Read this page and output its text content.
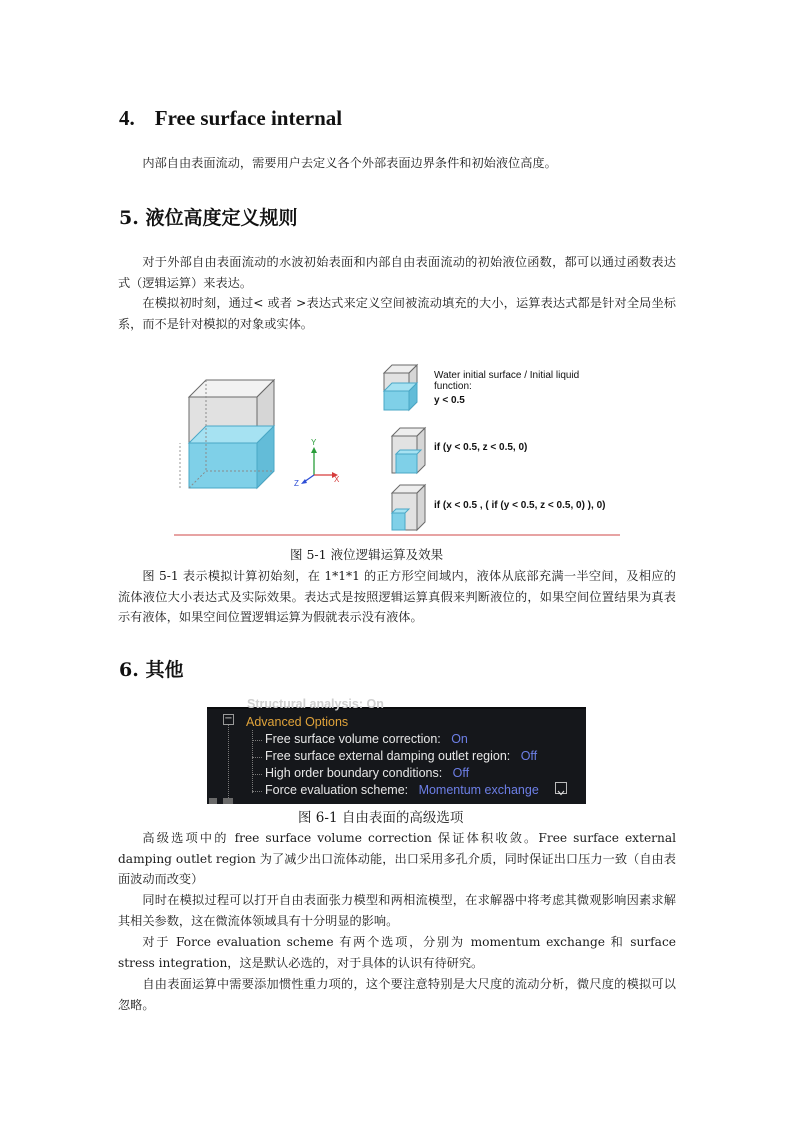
4. Free surface internal
内部自由表面流动，需要用户去定义各个外部表面边界条件和初始液位高度。
5. 液位高度定义规则
对于外部自由表面流动的水波初始表面和内部自由表面流动的初始液位函数，都可以通过函数表达式（逻辑运算）来表达。
在模拟初时刻，通过< 或者 >表达式来定义空间被流动填充的大小，运算表达式都是针对全局坐标系，而不是针对模拟的对象或实体。
Y
X
Z
Water initial surface / Initial liquid
function:
y < 0.5
if (y < 0.5, z < 0.5, 0)
if (x < 0.5 , ( if (y < 0.5, z < 0.5, 0) ), 0)
图 5-1 液位逻辑运算及效果
图 5-1 表示模拟计算初始刻，在 1*1*1 的正方形空间域内，液体从底部充满一半空间，及相应的流体液位大小表达式及实际效果。表达式是按照逻辑运算真假来判断液位的，如果空间位置结果为真表示有液体，如果空间位置逻辑运算为假就表示没有液体。
6. 其他
Structural analysis: On
− Advanced Options
Free surface volume correction: On
Free surface external damping outlet region: Off
High order boundary conditions: Off
Force evaluation scheme: Momentum exchange
图 6-1 自由表面的高级选项
高级选项中的 free surface volume correction 保证体积收敛。Free surface external damping outlet region 为了减少出口流体动能，出口采用多孔介质，同时保证出口压力一致（自由表面波动而改变）
同时在模拟过程可以打开自由表面张力模型和两相流模型，在求解器中将考虑其微观影响因素求解其相关参数，这在微流体领域具有十分明显的影响。
对于 Force evaluation scheme 有两个选项，分别为 momentum exchange 和 surface stress integration，这是默认必选的，对于具体的认识有待研究。
自由表面运算中需要添加惯性重力项的，这个要注意特别是大尺度的流动分析，微尺度的模拟可以忽略。
